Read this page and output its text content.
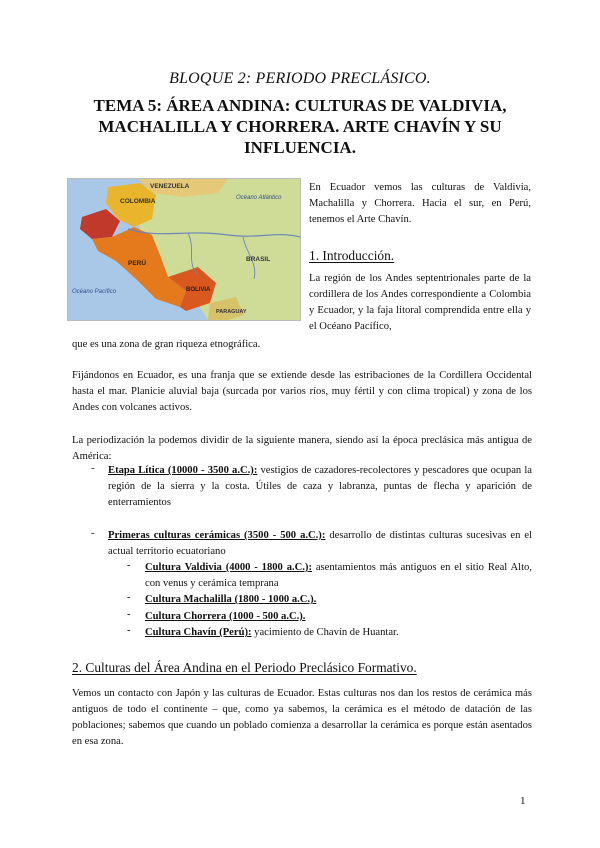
BLOQUE 2: PERIODO PRECLÁSICO.
TEMA 5: ÁREA ANDINA: CULTURAS DE VALDIVIA, MACHALILLA Y CHORRERA. ARTE CHAVÍN Y SU INFLUENCIA.
VENEZUELA
COLOMBIA	Océano Atlántico
BRASIL
PERÚ
BOLIVIA
PARAGUAY
Océano Pacífico
En Ecuador vemos las culturas de Valdivia, Machalilla y Chorrera. Hacia el sur, en Perú, tenemos el Arte Chavín.
1. Introducción.
La región de los Andes septentrionales parte de la cordillera de los Andes correspondiente a Colombia y Ecuador, y la faja litoral comprendida entre ella y el Océano Pacífico,
que es una zona de gran riqueza etnográfica.
Fijándonos en Ecuador, es una franja que se extiende desde las estribaciones de la Cordillera Occidental hasta el mar. Planicie aluvial baja (surcada por varios ríos, muy fértil y con clima tropical) y zona de los Andes con volcanes activos.
La periodización la podemos dividir de la siguiente manera, siendo así la época preclásica más antigua de América:
- Etapa Lítica (10000 - 3500 a.C.): vestigios de cazadores-recolectores y pescadores que ocupan la región de la sierra y la costa. Útiles de caza y labranza, puntas de flecha y aparición de enterramientos
- Primeras culturas cerámicas (3500 - 500 a.C.): desarrollo de distintas culturas sucesivas en el actual territorio ecuatoriano
- Cultura Valdivia (4000 - 1800 a.C.): asentamientos más antiguos en el sitio Real Alto, con venus y cerámica temprana
- Cultura Machalilla (1800 - 1000 a.C.).
- Cultura Chorrera (1000 - 500 a.C.).
- Cultura Chavín (Perú): yacimiento de Chavín de Huantar.
2. Culturas del Área Andina en el Periodo Preclásico Formativo.
Vemos un contacto con Japón y las culturas de Ecuador. Estas culturas nos dan los restos de cerámica más antiguos de todo el continente – que, como ya sabemos, la cerámica es el método de datación de las poblaciones; sabemos que cuando un poblado comienza a desarrollar la cerámica es porque están asentados en esa zona.
1
